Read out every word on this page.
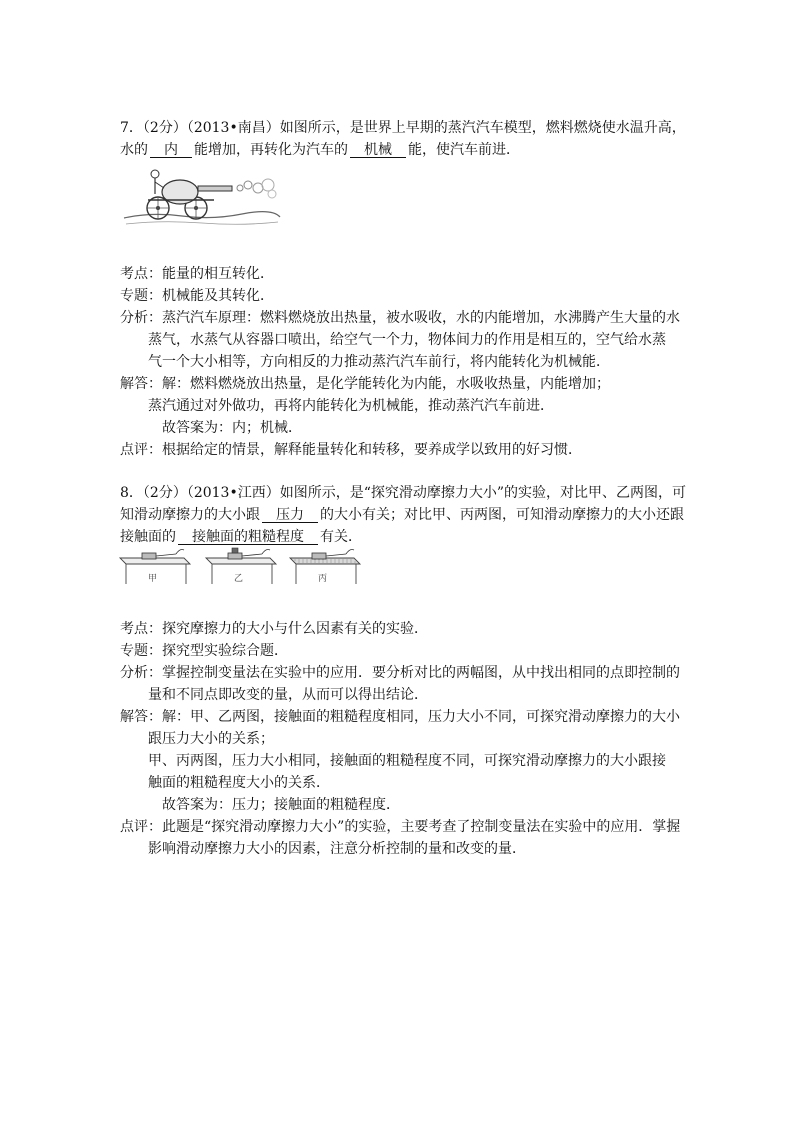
7．（2分）（2013•南昌）如图所示，是世界上早期的蒸汽汽车模型，燃料燃烧使水温升高，
水的　内　能增加，再转化为汽车的　机械　能，使汽车前进．
考点：能量的相互转化．
专题：机械能及其转化．
分析：蒸汽汽车原理：燃料燃烧放出热量，被水吸收，水的内能增加，水沸腾产生大量的水
蒸气，水蒸气从容器口喷出，给空气一个力，物体间力的作用是相互的，空气给水蒸
气一个大小相等，方向相反的力推动蒸汽汽车前行，将内能转化为机械能．
解答：解：燃料燃烧放出热量，是化学能转化为内能，水吸收热量，内能增加；
蒸汽通过对外做功，再将内能转化为机械能，推动蒸汽汽车前进．
　故答案为：内；机械．
点评：根据给定的情景，解释能量转化和转移，要养成学以致用的好习惯．
8．（2分）（2013•江西）如图所示，是“探究滑动摩擦力大小”的实验，对比甲、乙两图，可
知滑动摩擦力的大小跟　压力　的大小有关；对比甲、丙两图，可知滑动摩擦力的大小还跟
接触面的　接触面的粗糙程度　有关．
甲	乙	丙
考点：探究摩擦力的大小与什么因素有关的实验．
专题：探究型实验综合题．
分析：掌握控制变量法在实验中的应用．要分析对比的两幅图，从中找出相同的点即控制的
量和不同点即改变的量，从而可以得出结论．
解答：解：甲、乙两图，接触面的粗糙程度相同，压力大小不同，可探究滑动摩擦力的大小
跟压力大小的关系；
甲、丙两图，压力大小相同，接触面的粗糙程度不同，可探究滑动摩擦力的大小跟接
触面的粗糙程度大小的关系．
　故答案为：压力；接触面的粗糙程度．
点评：此题是“探究滑动摩擦力大小”的实验，主要考查了控制变量法在实验中的应用．掌握
影响滑动摩擦力大小的因素，注意分析控制的量和改变的量．
